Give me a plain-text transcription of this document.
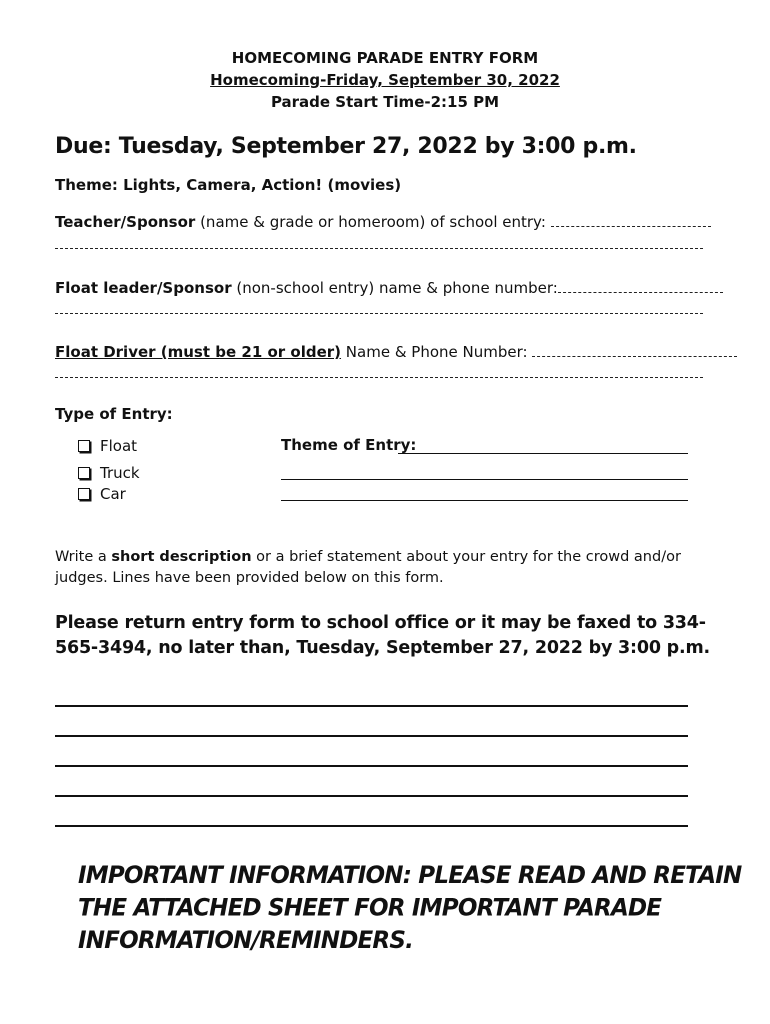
HOMECOMING PARADE ENTRY FORM
Homecoming-Friday, September 30, 2022
Parade Start Time-2:15 PM
Due: Tuesday, September 27, 2022 by 3:00 p.m.
Theme: Lights, Camera, Action! (movies)
Teacher/Sponsor (name & grade or homeroom) of school entry:
Float leader/Sponsor (non-school entry) name & phone number:
Float Driver (must be 21 or older) Name & Phone Number:
Type of Entry:
Float
Truck
Car
Theme of Entry:
Write a short description or a brief statement about your entry for the crowd and/or judges. Lines have been provided below on this form.
Please return entry form to school office or it may be faxed to 334-565-3494, no later than, Tuesday, September 27, 2022 by 3:00 p.m.
IMPORTANT INFORMATION: PLEASE READ AND RETAIN THE ATTACHED SHEET FOR IMPORTANT PARADE INFORMATION/REMINDERS.
